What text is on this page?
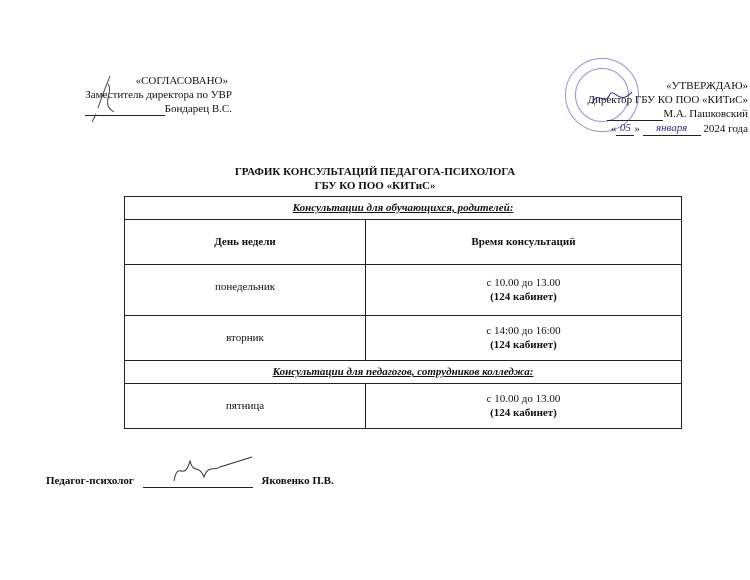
«СОГЛАСОВАНО»
Заместитель директора по УВР
Бондарец В.С.
«УТВЕРЖДАЮ»
Директор ГБУ КО ПОО «КИТиС»
М.А. Пашковский
« 05 » января 2024 года
ГРАФИК КОНСУЛЬТАЦИЙ ПЕДАГОГА-ПСИХОЛОГА
ГБУ КО ПОО «КИТиС»
Консультации для обучающихся, родителей:	
День недели	Время консультаций
понедельник	с 10.00 до 13.00
(124 кабинет)

вторник	с 14:00 до 16:00
(124 кабинет)

Консультации для педагогов, сотрудников колледжа:	
пятница	с 10.00 до 13.00
(124 кабинет)
Педагог-психолог	Яковенко П.В.
